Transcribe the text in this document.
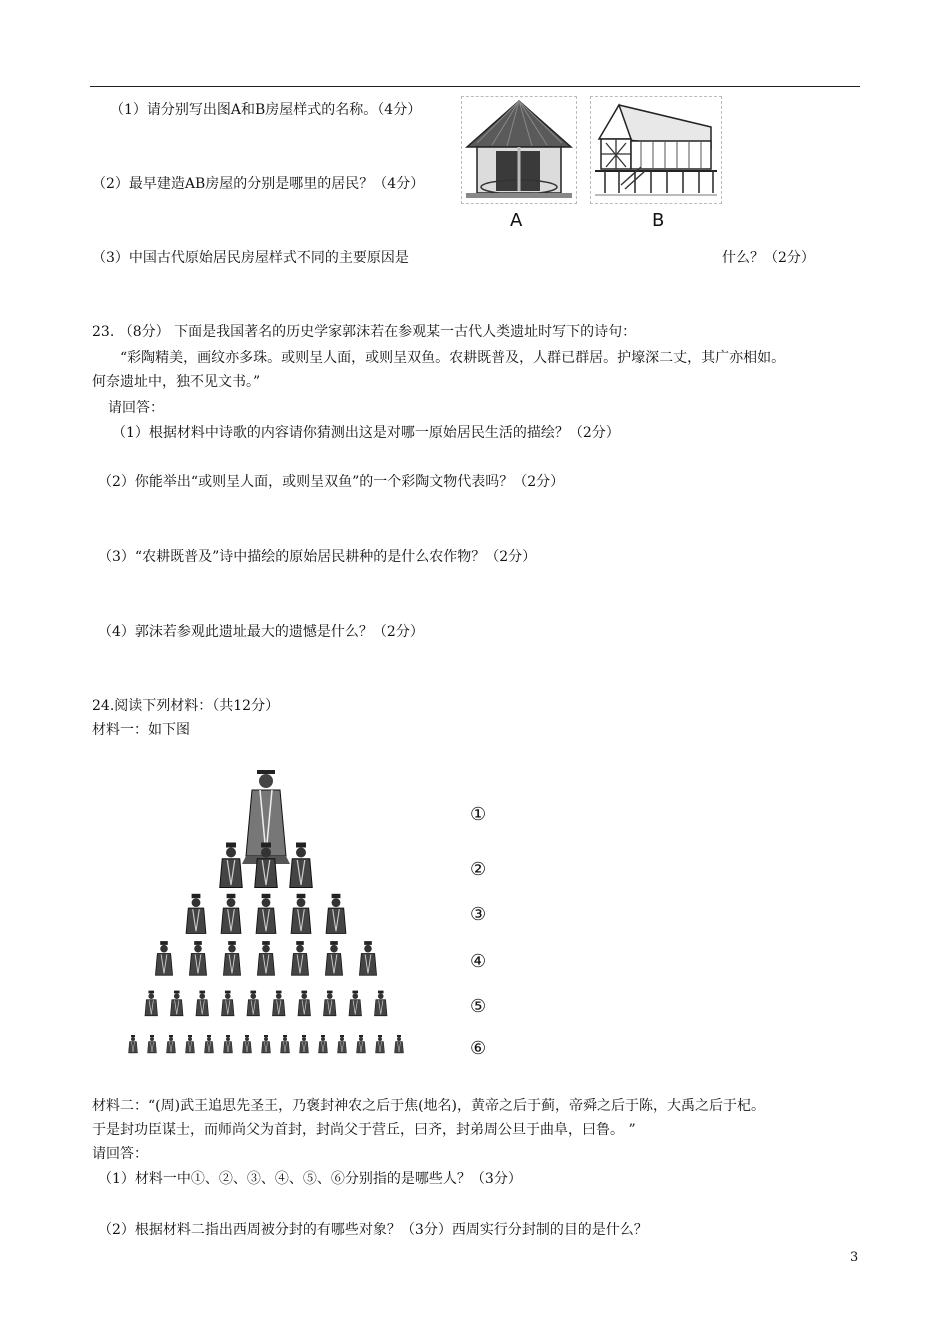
（1）请分别写出图A和B房屋样式的名称。（4分）
（2）最早建造AB房屋的分别是哪里的居民？（4分）
（3）中国古代原始居民房屋样式不同的主要原因是	什么？（2分）
A	B
23. （8分） 下面是我国著名的历史学家郭沫若在参观某一古代人类遗址时写下的诗句：
“彩陶精美，画纹亦多珠。或则呈人面，或则呈双鱼。农耕既普及，人群已群居。护壕深二丈，其广亦相如。
何奈遗址中，独不见文书。”
请回答：
（1）根据材料中诗歌的内容请你猜测出这是对哪一原始居民生活的描绘？（2分）
（2）你能举出“或则呈人面，或则呈双鱼”的一个彩陶文物代表吗？（2分）
（3）“农耕既普及”诗中描绘的原始居民耕种的是什么农作物？（2分）
（4）郭沫若参观此遗址最大的遗憾是什么？（2分）
24.阅读下列材料：（共12分）
材料一：如下图
①
②
③
④
⑤
⑥
材料二：“(周)武王追思先圣王，乃褒封神农之后于焦(地名)，黄帝之后于蓟，帝舜之后于陈，大禹之后于杞。
于是封功臣谋士，而师尚父为首封，封尚父于营丘，曰齐，封弟周公旦于曲阜，曰鲁。 ”
请回答：
（1）材料一中①、②、③、④、⑤、⑥分别指的是哪些人？（3分）
（2）根据材料二指出西周被分封的有哪些对象？（3分）西周实行分封制的目的是什么？
3
